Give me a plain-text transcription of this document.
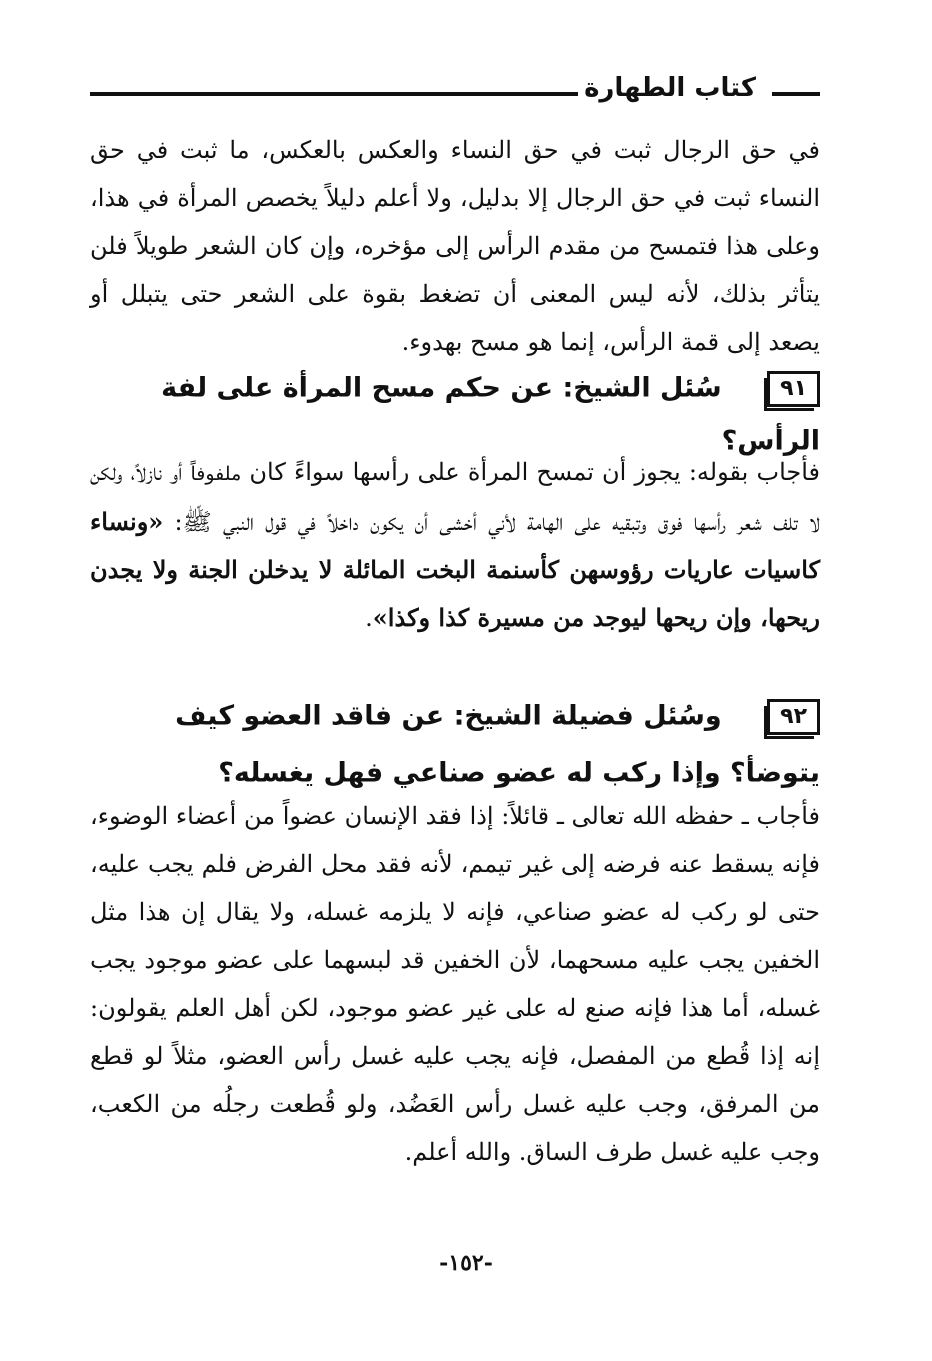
كتاب الطهارة
في حق الرجال ثبت في حق النساء والعكس بالعكس، ما ثبت في حق النساء ثبت في حق الرجال إلا بدليل، ولا أعلم دليلاً يخصص المرأة في هذا، وعلى هذا فتمسح من مقدم الرأس إلى مؤخره، وإن كان الشعر طويلاً فلن يتأثر بذلك، لأنه ليس المعنى أن تضغط بقوة على الشعر حتى يتبلل أو يصعد إلى قمة الرأس، إنما هو مسح بهدوء.
٩١ سُئل الشيخ: عن حكم مسح المرأة على لفة الرأس؟
فأجاب بقوله: يجوز أن تمسح المرأة على رأسها سواءً كان ملفوفاً أو نازلاً، ولكن لا تلف شعر رأسها فوق وتبقيه على الهامة لأني أخشى أن يكون داخلاً في قول النبي ﷺ: «ونساء كاسيات عاريات رؤوسهن كأسنمة البخت المائلة لا يدخلن الجنة ولا يجدن ريحها، وإن ريحها ليوجد من مسيرة كذا وكذا».
٩٢ وسُئل فضيلة الشيخ: عن فاقد العضو كيف يتوضأ؟ وإذا ركب له عضو صناعي فهل يغسله؟
فأجاب ـ حفظه الله تعالى ـ قائلاً: إذا فقد الإنسان عضواً من أعضاء الوضوء، فإنه يسقط عنه فرضه إلى غير تيمم، لأنه فقد محل الفرض فلم يجب عليه، حتى لو ركب له عضو صناعي، فإنه لا يلزمه غسله، ولا يقال إن هذا مثل الخفين يجب عليه مسحهما، لأن الخفين قد لبسهما على عضو موجود يجب غسله، أما هذا فإنه صنع له على غير عضو موجود، لكن أهل العلم يقولون: إنه إذا قُطع من المفصل، فإنه يجب عليه غسل رأس العضو، مثلاً لو قطع من المرفق، وجب عليه غسل رأس العَضُد، ولو قُطعت رجلُه من الكعب، وجب عليه غسل طرف الساق. والله أعلم.
-١٥٢-
